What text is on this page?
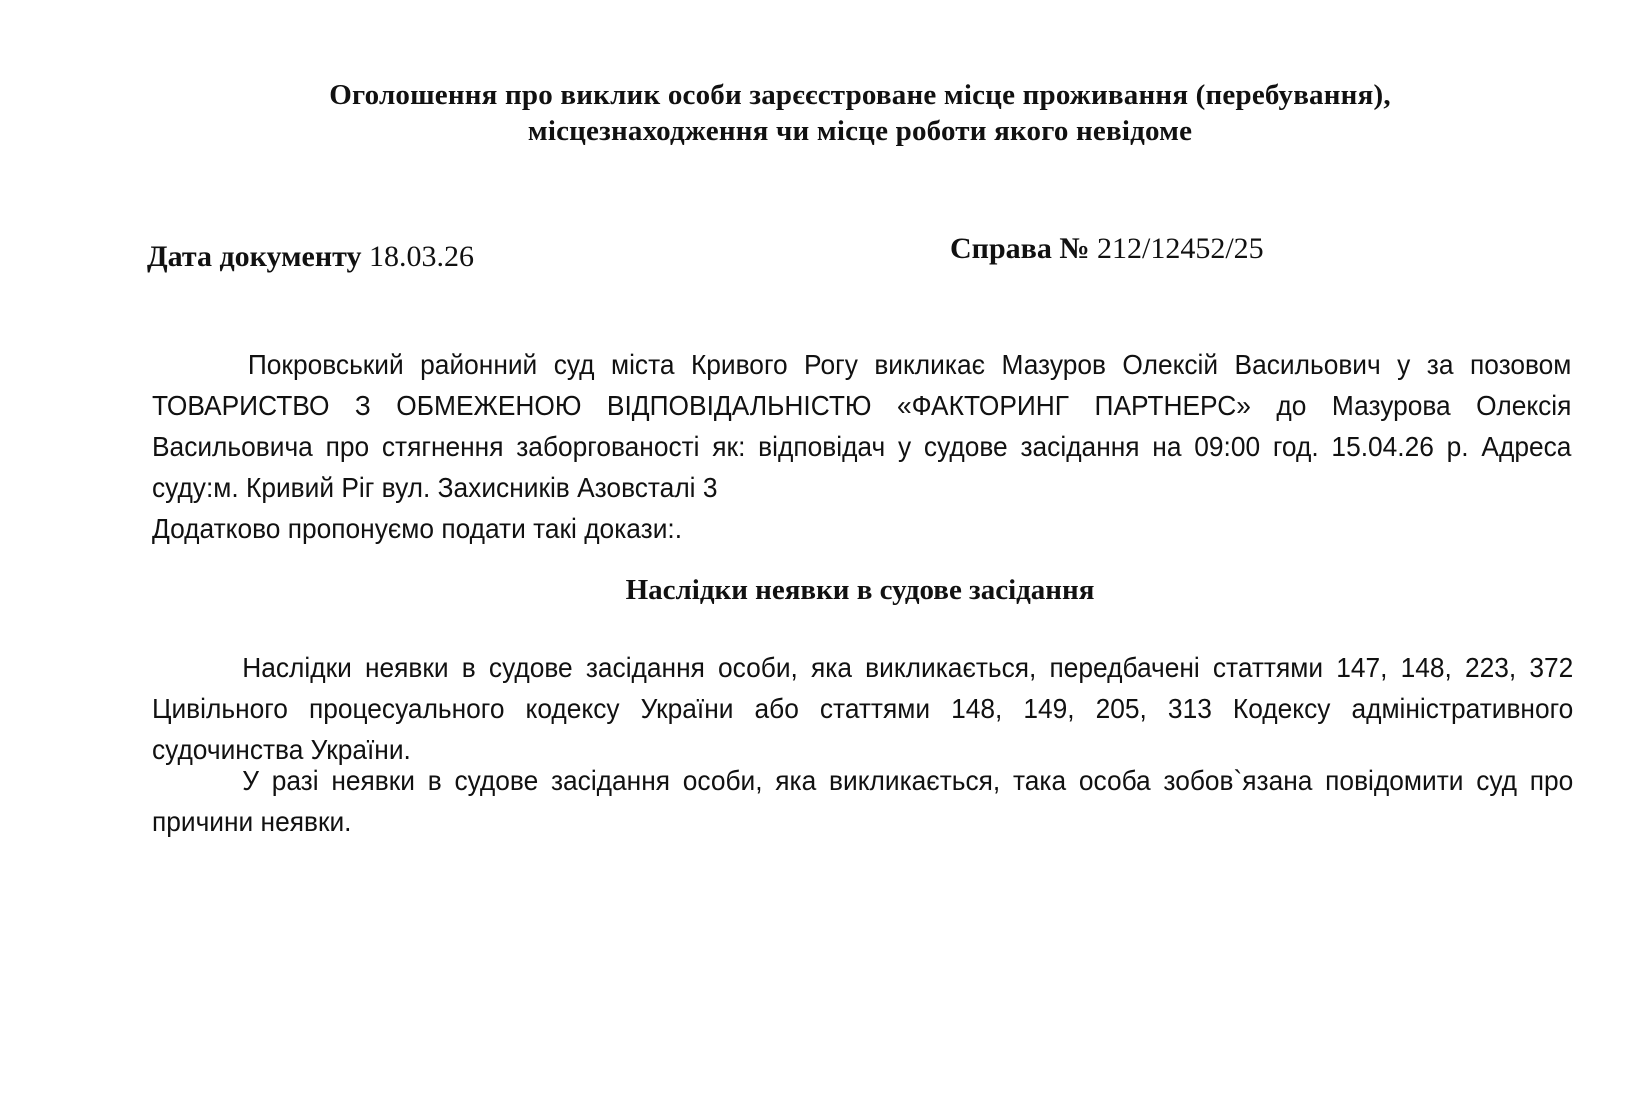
Оголошення про виклик особи зарєєстроване місце проживання (перебування),
місцезнаходження чи місце роботи якого невідоме
Дата документу 18.03.26	Справа № 212/12452/25
Покровський районний суд міста Кривого Рогу викликає Мазуров Олексій Васильович у за позовом ТОВАРИСТВО З ОБМЕЖЕНОЮ ВІДПОВІДАЛЬНІСТЮ «ФАКТОРИНГ ПАРТНЕРС» до Мазурова Олексія Васильовича про стягнення заборгованості як: відповідач у судове засідання на 09:00 год. 15.04.26 р. Адреса суду:м. Кривий Ріг вул. Захисників Азовсталі 3
Додатково пропонуємо подати такі докази:.
Наслідки неявки в судове засідання
Наслідки неявки в судове засідання особи, яка викликається, передбачені статтями 147, 148, 223, 372 Цивільного процесуального кодексу України або статтями 148, 149, 205, 313 Кодексу адміністративного судочинства України.
У разі неявки в судове засідання особи, яка викликається, така особа зобов`язана повідомити суд про причини неявки.
